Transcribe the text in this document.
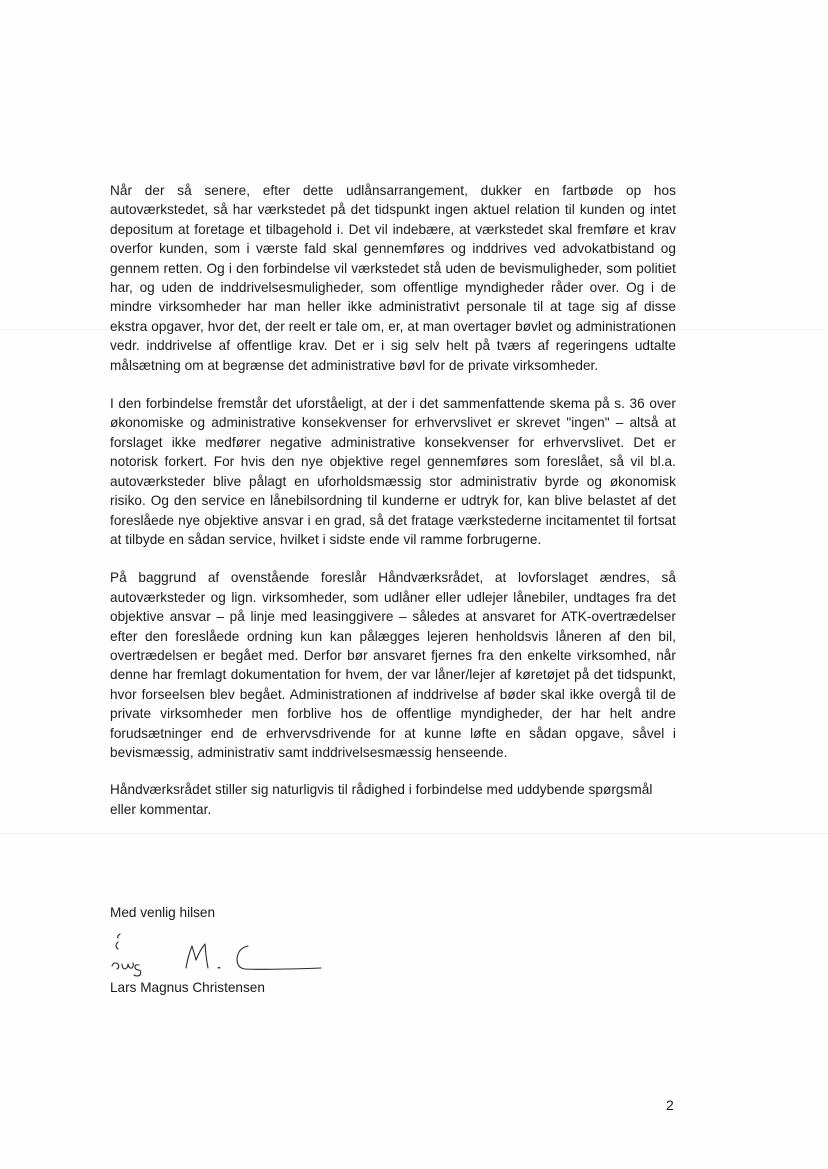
Når der så senere, efter dette udlånsarrangement, dukker en fartbøde op hos autoværkstedet, så har værkstedet på det tidspunkt ingen aktuel relation til kunden og intet depositum at foretage et tilbagehold i. Det vil indebære, at værkstedet skal fremføre et krav overfor kunden, som i værste fald skal gennemføres og inddrives ved advokatbistand og gennem retten. Og i den forbindelse vil værkstedet stå uden de bevismuligheder, som politiet har, og uden de inddrivelsesmuligheder, som offentlige myndigheder råder over. Og i de mindre virksomheder har man heller ikke administrativt personale til at tage sig af disse ekstra opgaver, hvor det, der reelt er tale om, er, at man overtager bøvlet og administrationen vedr. inddrivelse af offentlige krav. Det er i sig selv helt på tværs af regeringens udtalte målsætning om at begrænse det administrative bøvl for de private virksomheder.

I den forbindelse fremstår det uforståeligt, at der i det sammenfattende skema på s. 36 over økonomiske og administrative konsekvenser for erhvervslivet er skrevet "ingen" – altså at forslaget ikke medfører negative administrative konsekvenser for erhvervslivet. Det er notorisk forkert. For hvis den nye objektive regel gennemføres som foreslået, så vil bl.a. autoværksteder blive pålagt en uforholdsmæssig stor administrativ byrde og økonomisk risiko. Og den service en lånebilsordning til kunderne er udtryk for, kan blive belastet af det foreslåede nye objektive ansvar i en grad, så det fratage værkstederne incitamentet til fortsat at tilbyde en sådan service, hvilket i sidste ende vil ramme forbrugerne.

På baggrund af ovenstående foreslår Håndværksrådet, at lovforslaget ændres, så autoværksteder og lign. virksomheder, som udlåner eller udlejer lånebiler, undtages fra det objektive ansvar – på linje med leasinggivere – således at ansvaret for ATK-overtrædelser efter den foreslåede ordning kun kan pålægges lejeren henholdsvis låneren af den bil, overtrædelsen er begået med. Derfor bør ansvaret fjernes fra den enkelte virksomhed, når denne har fremlagt dokumentation for hvem, der var låner/lejer af køretøjet på det tidspunkt, hvor forseelsen blev begået. Administrationen af inddrivelse af bøder skal ikke overgå til de private virksomheder men forblive hos de offentlige myndigheder, der har helt andre forudsætninger end de erhvervsdrivende for at kunne løfte en sådan opgave, såvel i bevismæssig, administrativ samt inddrivelsesmæssig henseende.

Håndværksrådet stiller sig naturligvis til rådighed i forbindelse med uddybende spørgsmål eller kommentar.

Med venlig hilsen

Lars Magnus Christensen

2
